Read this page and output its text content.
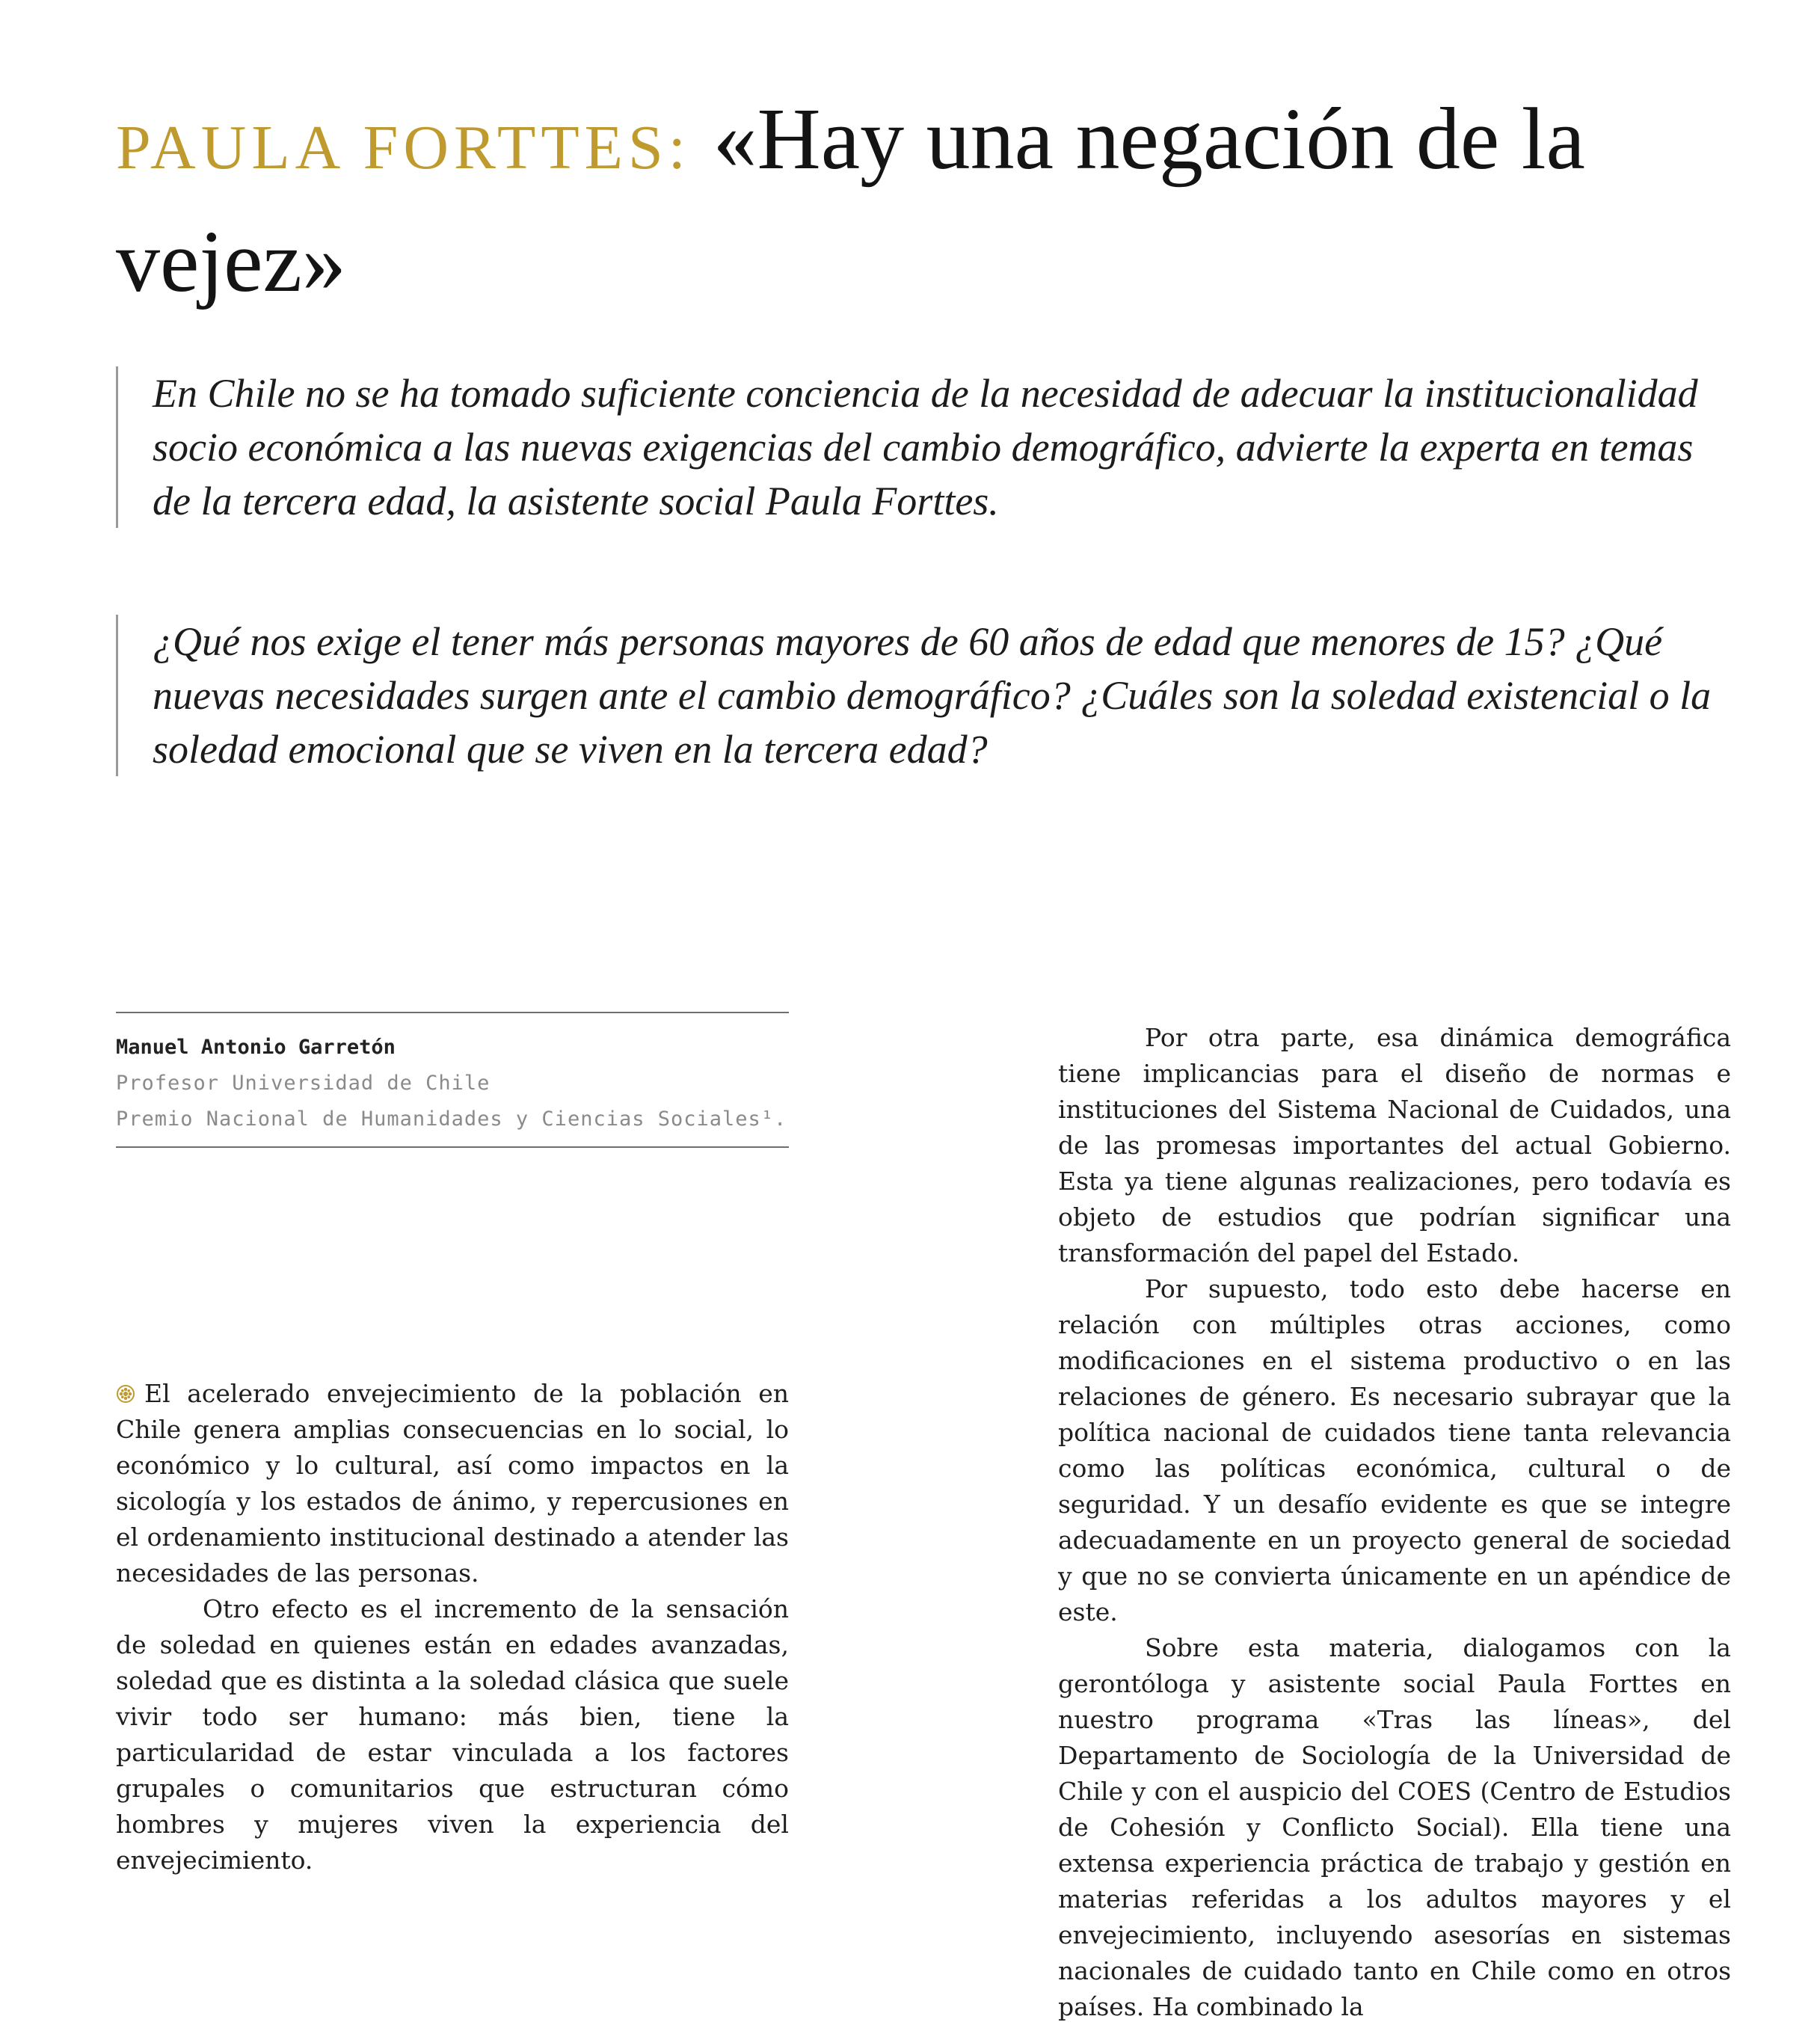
PAULA FORTTES: «Hay una negación de la vejez»

En Chile no se ha tomado suficiente conciencia de la necesidad de adecuar la institucionalidad socio económica a las nuevas exigencias del cambio demográfico, advierte la experta en temas de la tercera edad, la asistente social Paula Forttes.

¿Qué nos exige el tener más personas mayores de 60 años de edad que menores de 15? ¿Qué nuevas necesidades surgen ante el cambio demográfico? ¿Cuáles son la soledad existencial o la soledad emocional que se viven en la tercera edad?

Manuel Antonio Garretón
Profesor Universidad de Chile
Premio Nacional de Humanidades y Ciencias Sociales¹.

El acelerado envejecimiento de la población en Chile genera amplias consecuencias en lo social, lo económico y lo cultural, así como impactos en la sicología y los estados de ánimo, y repercusiones en el ordenamiento institucional destinado a atender las necesidades de las personas.

Otro efecto es el incremento de la sensación de soledad en quienes están en edades avanzadas, soledad que es distinta a la soledad clásica que suele vivir todo ser humano: más bien, tiene la particularidad de estar vinculada a los factores grupales o comunitarios que estructuran cómo hombres y mujeres viven la experiencia del envejecimiento.

Por otra parte, esa dinámica demográfica tiene implicancias para el diseño de normas e instituciones del Sistema Nacional de Cuidados, una de las promesas importantes del actual Gobierno. Esta ya tiene algunas realizaciones, pero todavía es objeto de estudios que podrían significar una transformación del papel del Estado.

Por supuesto, todo esto debe hacerse en relación con múltiples otras acciones, como modificaciones en el sistema productivo o en las relaciones de género. Es necesario subrayar que la política nacional de cuidados tiene tanta relevancia como las políticas económica, cultural o de seguridad. Y un desafío evidente es que se integre adecuadamente en un proyecto general de sociedad y que no se convierta únicamente en un apéndice de este.

Sobre esta materia, dialogamos con la gerontóloga y asistente social Paula Forttes en nuestro programa «Tras las líneas», del Departamento de Sociología de la Universidad de Chile y con el auspicio del COES (Centro de Estudios de Cohesión y Conflicto Social). Ella tiene una extensa experiencia práctica de trabajo y gestión en materias referidas a los adultos mayores y el envejecimiento, incluyendo asesorías en sistemas nacionales de cuidado tanto en Chile como en otros países. Ha combinado la
